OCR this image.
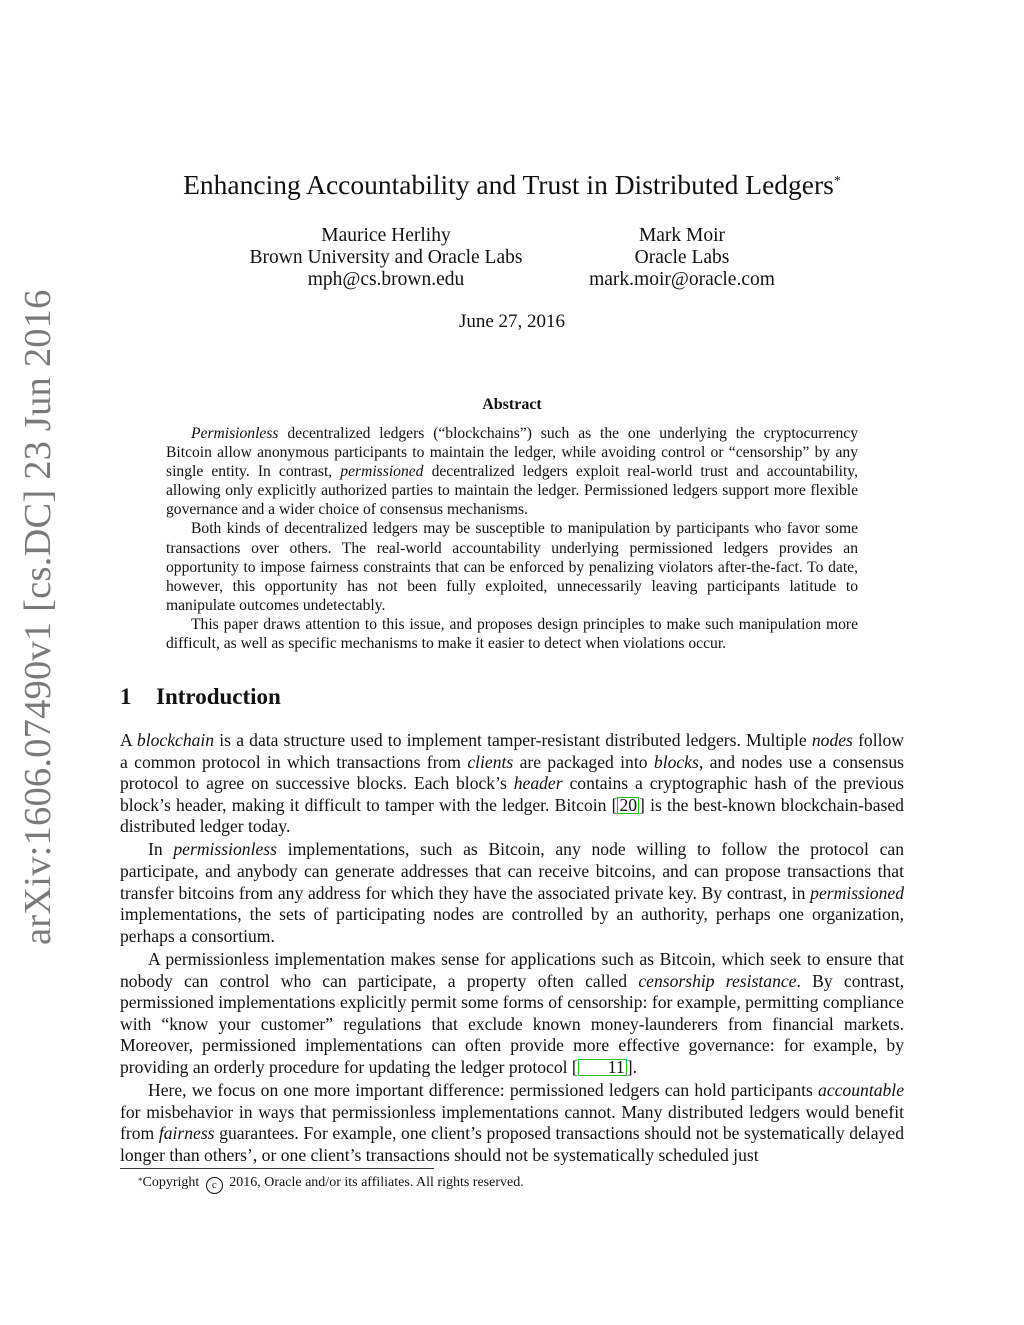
arXiv:1606.07490v1 [cs.DC] 23 Jun 2016
Enhancing Accountability and Trust in Distributed Ledgers*
Maurice Herlihy
Brown University and Oracle Labs
mph@cs.brown.edu
Mark Moir
Oracle Labs
mark.moir@oracle.com
June 27, 2016
Abstract

Permisionless decentralized ledgers (“blockchains”) such as the one underlying the cryptocurrency Bitcoin allow anonymous participants to maintain the ledger, while avoiding control or “censorship” by any single entity. In contrast, permissioned decentralized ledgers exploit real-world trust and accountability, allowing only explicitly authorized parties to maintain the ledger. Permissioned ledgers support more flexible governance and a wider choice of consensus mechanisms.

Both kinds of decentralized ledgers may be susceptible to manipulation by participants who favor some transactions over others. The real-world accountability underlying permissioned ledgers provides an opportunity to impose fairness constraints that can be enforced by penalizing violators after-the-fact. To date, however, this opportunity has not been fully exploited, unnecessarily leaving participants latitude to manipulate outcomes undetectably.

This paper draws attention to this issue, and proposes design principles to make such manipulation more difficult, as well as specific mechanisms to make it easier to detect when violations occur.

1 Introduction

A blockchain is a data structure used to implement tamper-resistant distributed ledgers. Multiple nodes follow a common protocol in which transactions from clients are packaged into blocks, and nodes use a consensus protocol to agree on successive blocks. Each block’s header contains a cryptographic hash of the previous block’s header, making it difficult to tamper with the ledger. Bitcoin [ 20 ] is the best-known blockchain-based distributed ledger today.

In permissionless implementations, such as Bitcoin, any node willing to follow the protocol can participate, and anybody can generate addresses that can receive bitcoins, and can propose transactions that transfer bitcoins from any address for which they have the associated private key. By contrast, in permissioned implementations, the sets of participating nodes are controlled by an authority, perhaps one organization, perhaps a consortium.

A permissionless implementation makes sense for applications such as Bitcoin, which seek to ensure that nobody can control who can participate, a property often called censorship resistance. By contrast, permissioned implementations explicitly permit some forms of censorship: for example, permitting compliance with “know your customer” regulations that exclude known money-launderers from financial markets. Moreover, permissioned implementations can often provide more effective governance: for example, by providing an orderly procedure for updating the ledger protocol [ 11 ].

Here, we focus on one more important difference: permissioned ledgers can hold participants accountable for misbehavior in ways that permissionless implementations cannot. Many distributed ledgers would benefit from fairness guarantees. For example, one client’s proposed transactions should not be systematically delayed longer than others’, or one client’s transactions should not be systematically scheduled just

*Copyright c 2016, Oracle and/or its affiliates. All rights reserved.
